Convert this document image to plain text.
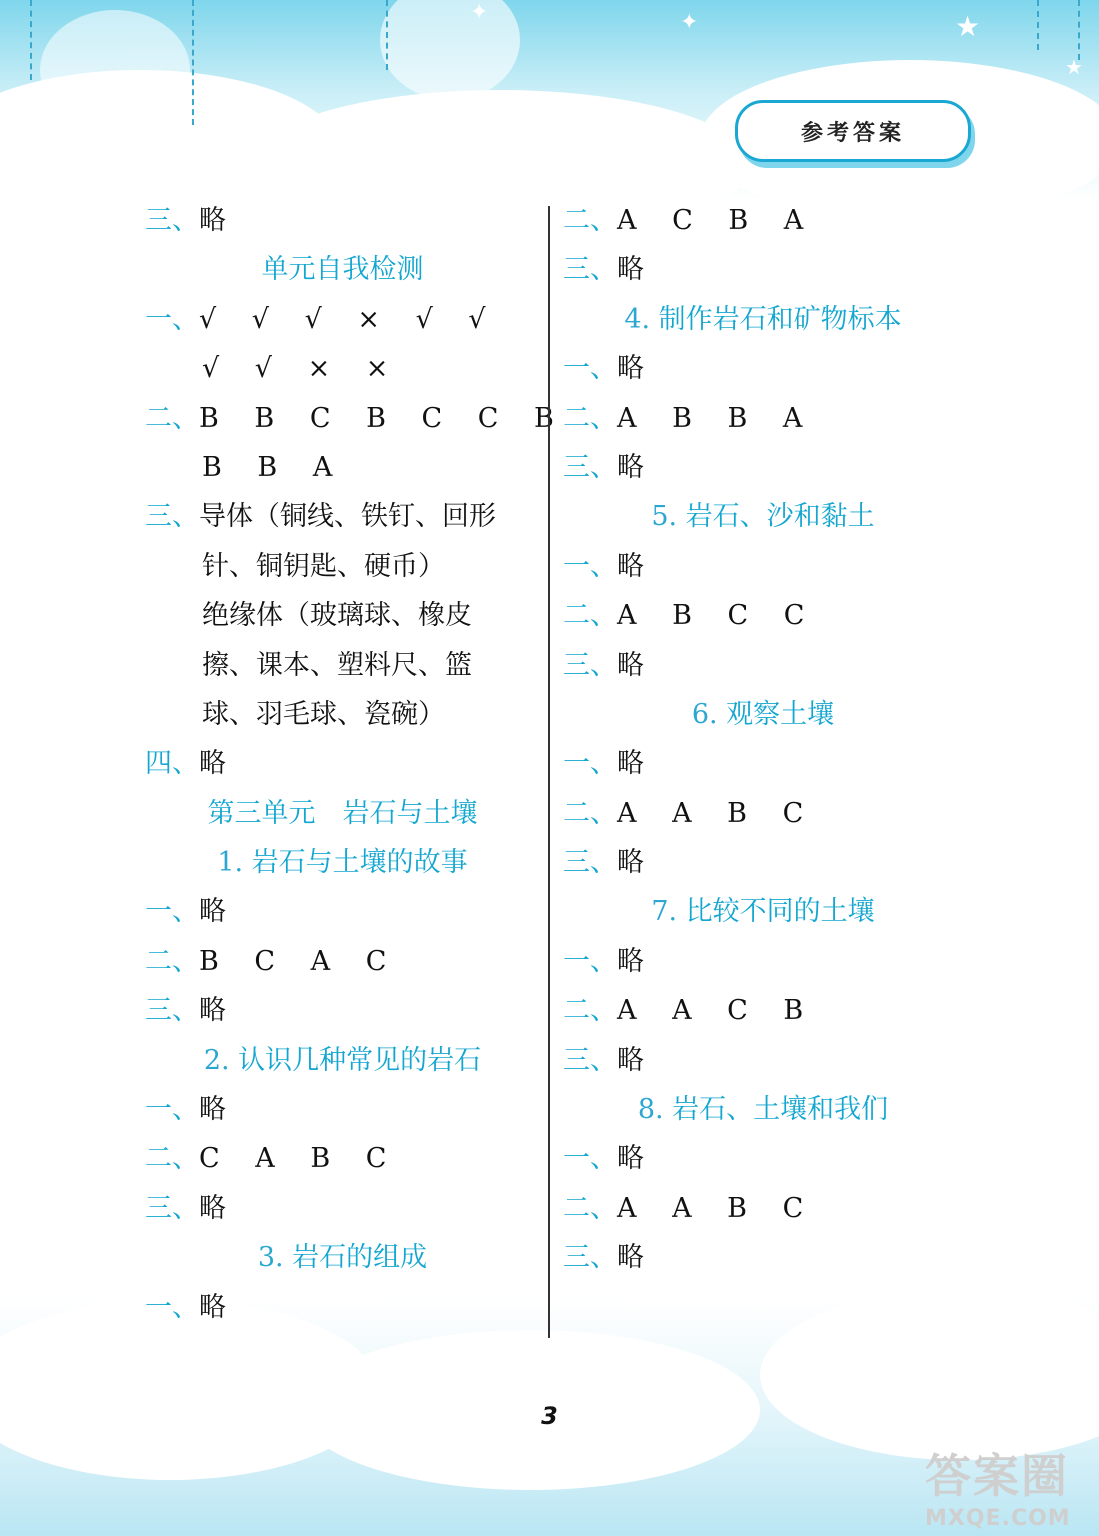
★
★
✦
✦
参考答案
三、略
单元自我检测
一、√  √  √  ×  √  √
√  √  ×  ×
二、B  B  C  B  C  C  B
B  B  A
三、导体（铜线、铁钉、回形
针、铜钥匙、硬币）
绝缘体（玻璃球、橡皮
擦、课本、塑料尺、篮
球、羽毛球、瓷碗）
四、略
第三单元　岩石与土壤
1. 岩石与土壤的故事
一、略
二、B  C  A  C
三、略
2. 认识几种常见的岩石
一、略
二、C  A  B  C
三、略
3. 岩石的组成
一、略
二、A  C  B  A
三、略
4. 制作岩石和矿物标本
一、略
二、A  B  B  A
三、略
5. 岩石、沙和黏土
一、略
二、A  B  C  C
三、略
6. 观察土壤
一、略
二、A  A  B  C
三、略
7. 比较不同的土壤
一、略
二、A  A  C  B
三、略
8. 岩石、土壤和我们
一、略
二、A  A  B  C
三、略
3
答案圈
MXQE.COM
